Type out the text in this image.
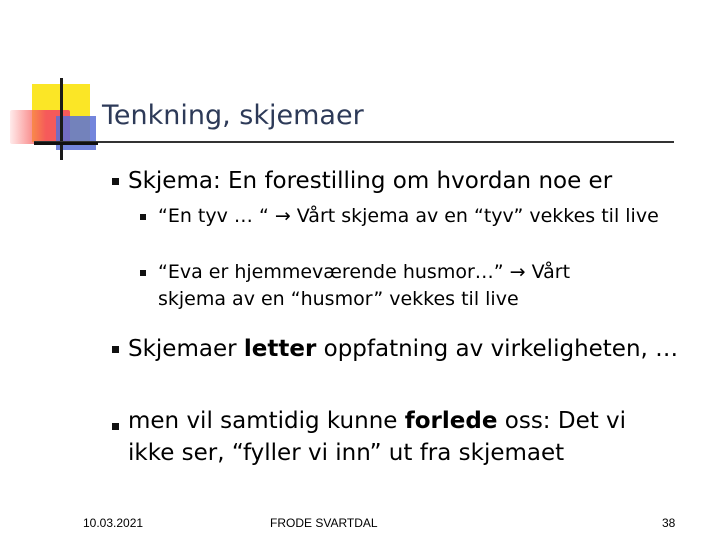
Tenkning, skjemaer
Skjema: En forestilling om hvordan noe er
“En tyv … “ → Vårt skjema av en “tyv” vekkes til live
“Eva er hjemmeværende husmor…” → Vårt skjema av en “husmor” vekkes til live
Skjemaer letter oppfatning av virkeligheten, …
men vil samtidig kunne forlede oss: Det vi ikke ser, “fyller vi inn” ut fra skjemaet
10.03.2021	FRODE SVARTDAL	38
